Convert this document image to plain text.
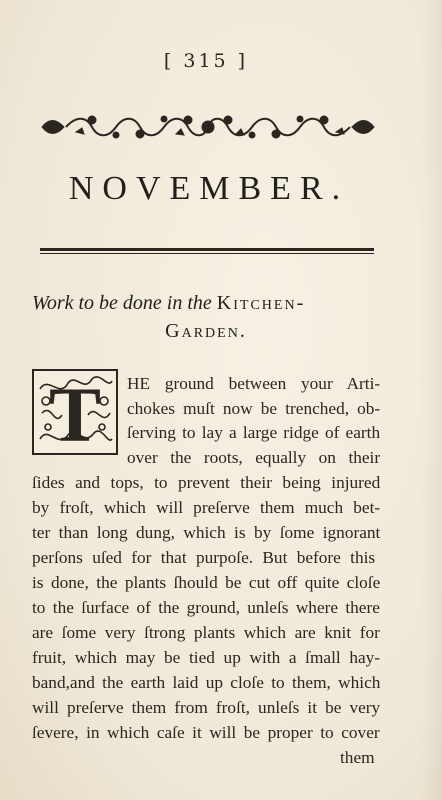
[ 315 ]
NOVEMBER.
Work to be done in the Kitchen-
Garden.
T HE ground between your Arti-
chokes muſt now be trenched, ob-
ſerving to lay a large ridge of earth
over the roots, equally on their
ſides and tops, to prevent their being injured
by froſt, which will preſerve them much bet-
ter than long dung, which is by ſome ignorant
perſons uſed for that purpoſe. But before this
is done, the plants ſhould be cut off quite cloſe
to the ſurface of the ground, unleſs where there
are ſome very ſtrong plants which are knit for
fruit, which may be tied up with a ſmall hay-
band,and the earth laid up cloſe to them, which
will preſerve them from froſt, unleſs it be very
ſevere, in which caſe it will be proper to cover
them
